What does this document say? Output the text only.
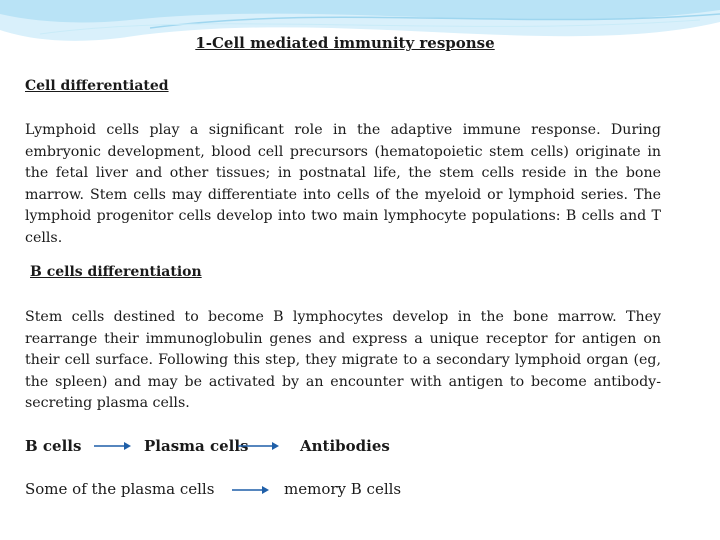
1-Cell mediated immunity response
Cell differentiated
Lymphoid cells play a significant role in the adaptive immune response. During embryonic development, blood cell precursors (hematopoietic stem cells) originate in the fetal liver and other tissues; in postnatal life, the stem cells reside in the bone marrow. Stem cells may differentiate into cells of the myeloid or lymphoid series. The lymphoid progenitor cells develop into two main lymphocyte populations: B cells and T cells.
B cells differentiation
Stem cells destined to become B lymphocytes develop in the bone marrow. They rearrange their immunoglobulin genes and express a unique receptor for antigen on their cell surface. Following this step, they migrate to a secondary lymphoid organ (eg, the spleen) and may be activated by an encounter with antigen to become antibody-secreting plasma cells.
B cells	Plasma cells	Antibodies
Some of the plasma cells	memory B cells
